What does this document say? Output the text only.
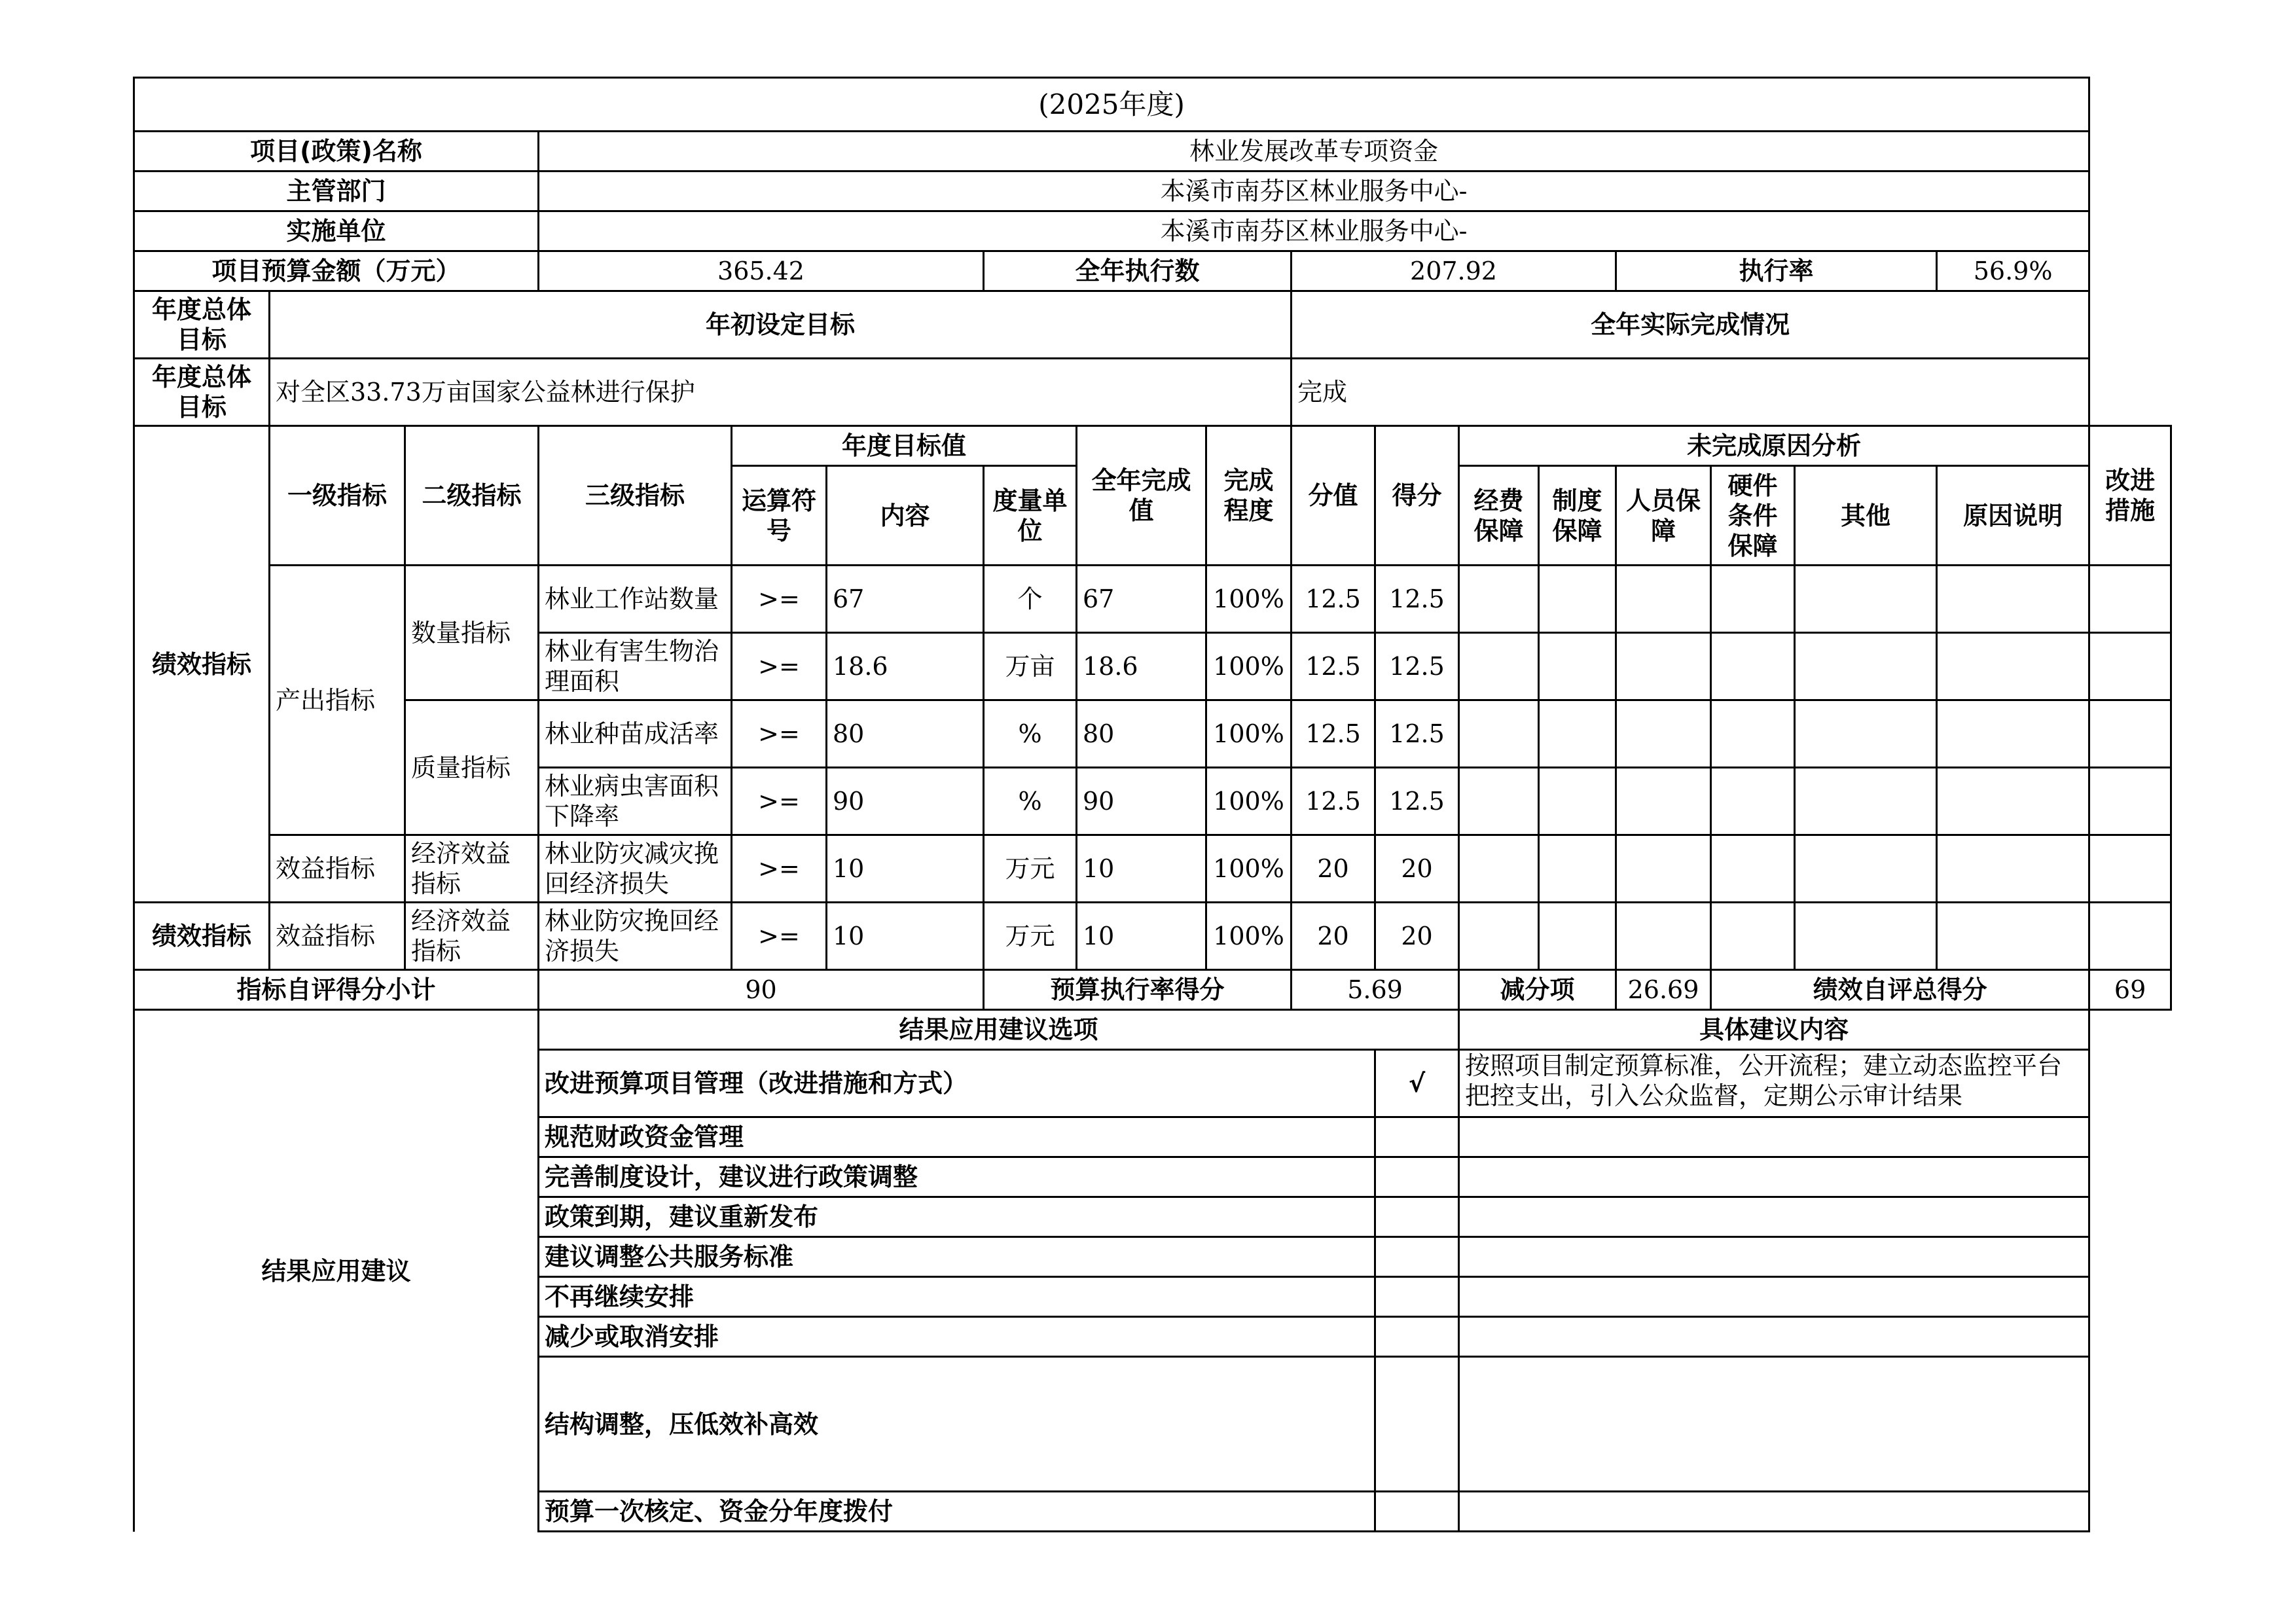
(2025年度)																	
项目(政策)名称			林业发展改革专项资金														
主管部门			本溪市南芬区林业服务中心-														
实施单位			本溪市南芬区林业服务中心-														
项目预算金额（万元）			365.42			全年执行数			207.92				执行率			56.9%	
年度总体目标	年初设定目标								全年实际完成情况								
年度总体目标	对全区33.73万亩国家公益林进行保护								完成								
绩效指标	一级指标	二级指标	三级指标	年度目标值			全年完成值	完成程度	分值	得分	未完成原因分析						改进措施
				运算符号	内容	度量单位					经费保障	制度保障	人员保障	硬件条件保障	其他	原因说明	
	产出指标	数量指标	林业工作站数量	>=	67	个	67	100%	12.5	12.5							
			林业有害生物治理面积	>=	18.6	万亩	18.6	100%	12.5	12.5							
		质量指标	林业种苗成活率	>=	80	%	80	100%	12.5	12.5							
			林业病虫害面积下降率	>=	90	%	90	100%	12.5	12.5							
	效益指标	经济效益指标	林业防灾减灾挽回经济损失	>=	10	万元	10	100%	20	20							
绩效指标	效益指标	经济效益指标	林业防灾挽回经济损失	>=	10	万元	10	100%	20	20							
指标自评得分小计			90			预算执行率得分			5.69		减分项		26.69	绩效自评总得分			69
结果应用建议			结果应用建议选项								具体建议内容						
			改进预算项目管理（改进措施和方式）							√	按照项目制定预算标准，公开流程；建立动态监控平台把控支出，引入公众监督，定期公示审计结果						
			规范财政资金管理														
			完善制度设计，建议进行政策调整														
			政策到期，建议重新发布														
			建议调整公共服务标准														
			不再继续安排														
			减少或取消安排														
			结构调整，压低效补高效														
			预算一次核定、资金分年度拨付														
